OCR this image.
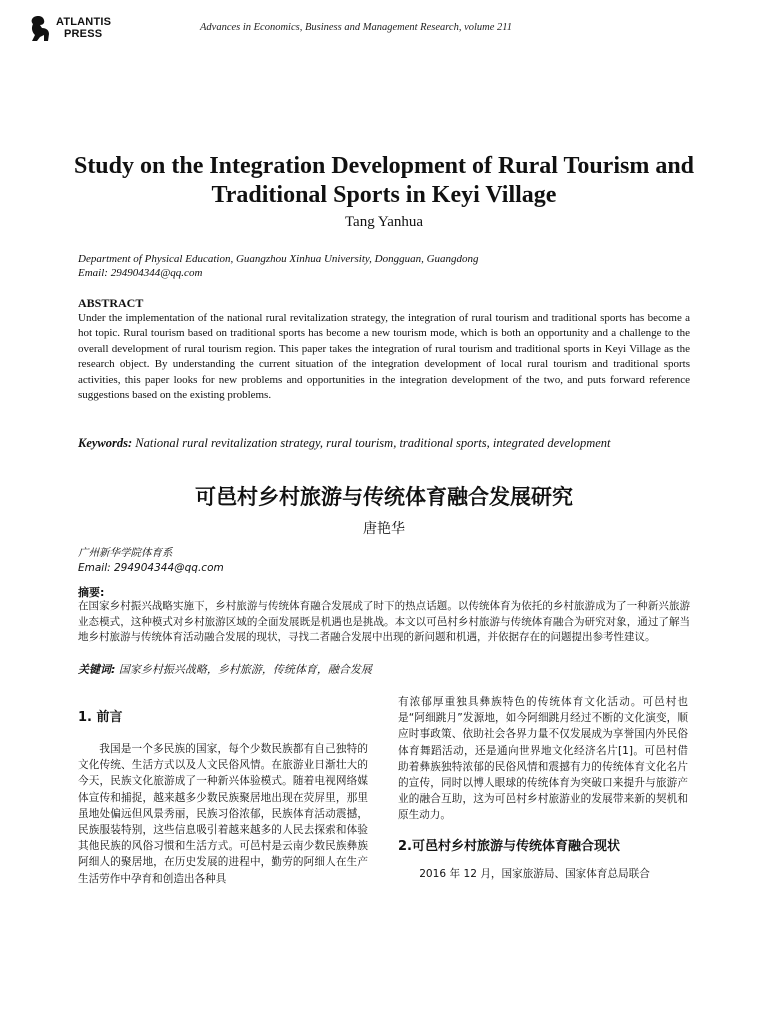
ATLANTIS
PRESS
Advances in Economics, Business and Management Research, volume 211
Study on the Integration Development of Rural Tourism and Traditional Sports in Keyi Village
Tang Yanhua
Department of Physical Education, Guangzhou Xinhua University, Dongguan, Guangdong
Email: 294904344@qq.com
ABSTRACT
Under the implementation of the national rural revitalization strategy, the integration of rural tourism and traditional sports has become a hot topic. Rural tourism based on traditional sports has become a new tourism mode, which is both an opportunity and a challenge to the overall development of rural tourism region. This paper takes the integration of rural tourism and traditional sports in Keyi Village as the research object. By understanding the current situation of the integration development of local rural tourism and traditional sports activities, this paper looks for new problems and opportunities in the integration development of the two, and puts forward reference suggestions based on the existing problems.
Keywords: National rural revitalization strategy, rural tourism, traditional sports, integrated development
可邑村乡村旅游与传统体育融合发展研究
唐艳华
广州新华学院体育系
Email: 294904344@qq.com
摘要:
在国家乡村振兴战略实施下，乡村旅游与传统体育融合发展成了时下的热点话题。以传统体育为依托的乡村旅游成为了一种新兴旅游业态模式，这种模式对乡村旅游区域的全面发展既是机遇也是挑战。本文以可邑村乡村旅游与传统体育融合为研究对象，通过了解当地乡村旅游与传统体育活动融合发展的现状，寻找二者融合发展中出现的新问题和机遇，并依据存在的问题提出参考性建议。
关键词: 国家乡村振兴战略，乡村旅游，传统体育，融合发展
1. 前言

我国是一个多民族的国家，每个少数民族都有自己独特的文化传统、生活方式以及人文民俗风情。在旅游业日渐壮大的今天，民族文化旅游成了一种新兴体验模式。随着电视网络媒体宣传和捕捉，越来越多少数民族聚居地出现在荧屏里，那里虽地处偏远但风景秀丽，民族习俗浓郁，民族体育活动震撼，民族服装特别，这些信息吸引着越来越多的人民去探索和体验其他民族的风俗习惯和生活方式。可邑村是云南少数民族彝族阿细人的聚居地，在历史发展的进程中，勤劳的阿细人在生产生活劳作中孕育和创造出各种具

有浓郁厚重独具彝族特色的传统体育文化活动。可邑村也是“阿细跳月”发源地，如今阿细跳月经过不断的文化演变，顺应时事政策、依助社会各界力量不仅发展成为享誉国内外民俗体育舞蹈活动，还是通向世界地文化经济名片[1]。可邑村借助着彝族独特浓郁的民俗风情和震撼有力的传统体育文化名片的宣传，同时以博人眼球的传统体育为突破口来提升与旅游产业的融合互助，这为可邑村乡村旅游业的发展带来新的契机和原生动力。

2.可邑村乡村旅游与传统体育融合现状

2016 年 12 月，国家旅游局、国家体育总局联合
